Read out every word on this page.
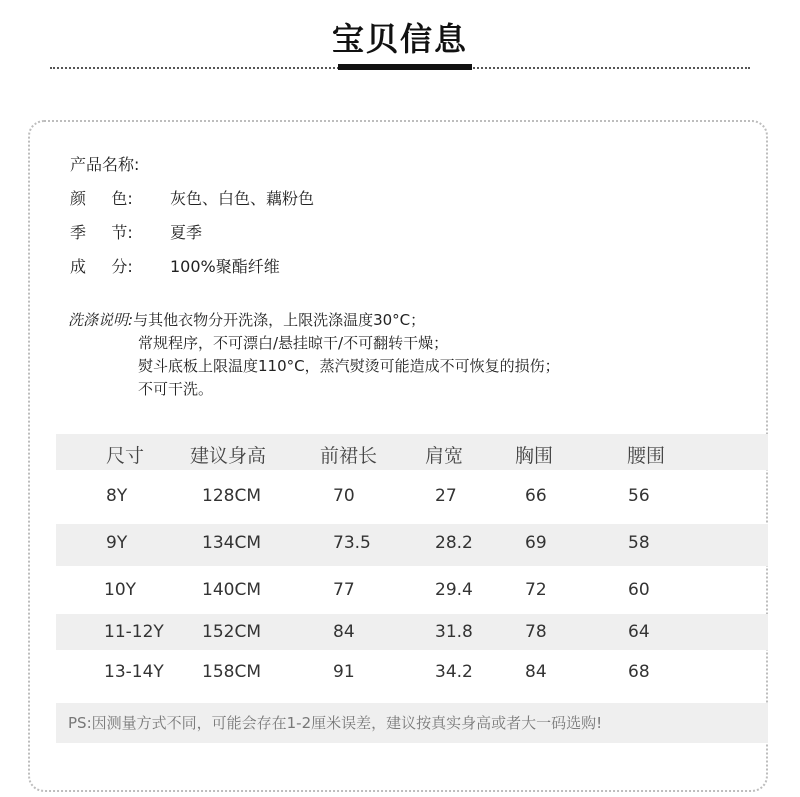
宝贝信息
产品名称:
颜     色: 灰色、白色、藕粉色
季     节: 夏季
成     分: 100%聚酯纤维
洗涤说明:与其他衣物分开洗涤，上限洗涤温度30°C；
常规程序，不可漂白/悬挂晾干/不可翻转干燥；
熨斗底板上限温度110°C，蒸汽熨烫可能造成不可恢复的损伤；
不可干洗。
尺寸 建议身高	前裙长	肩宽	胸围	腰围
8Y	128CM	70	27	66	56
9Y	134CM	73.5	28.2	69	58
10Y	140CM	77	29.4	72	60
11-12Y 152CM	84	31.8	78	64
13-14Y 158CM	91	34.2	84	68
PS:因测量方式不同，可能会存在1-2厘米误差，建议按真实身高或者大一码选购!
